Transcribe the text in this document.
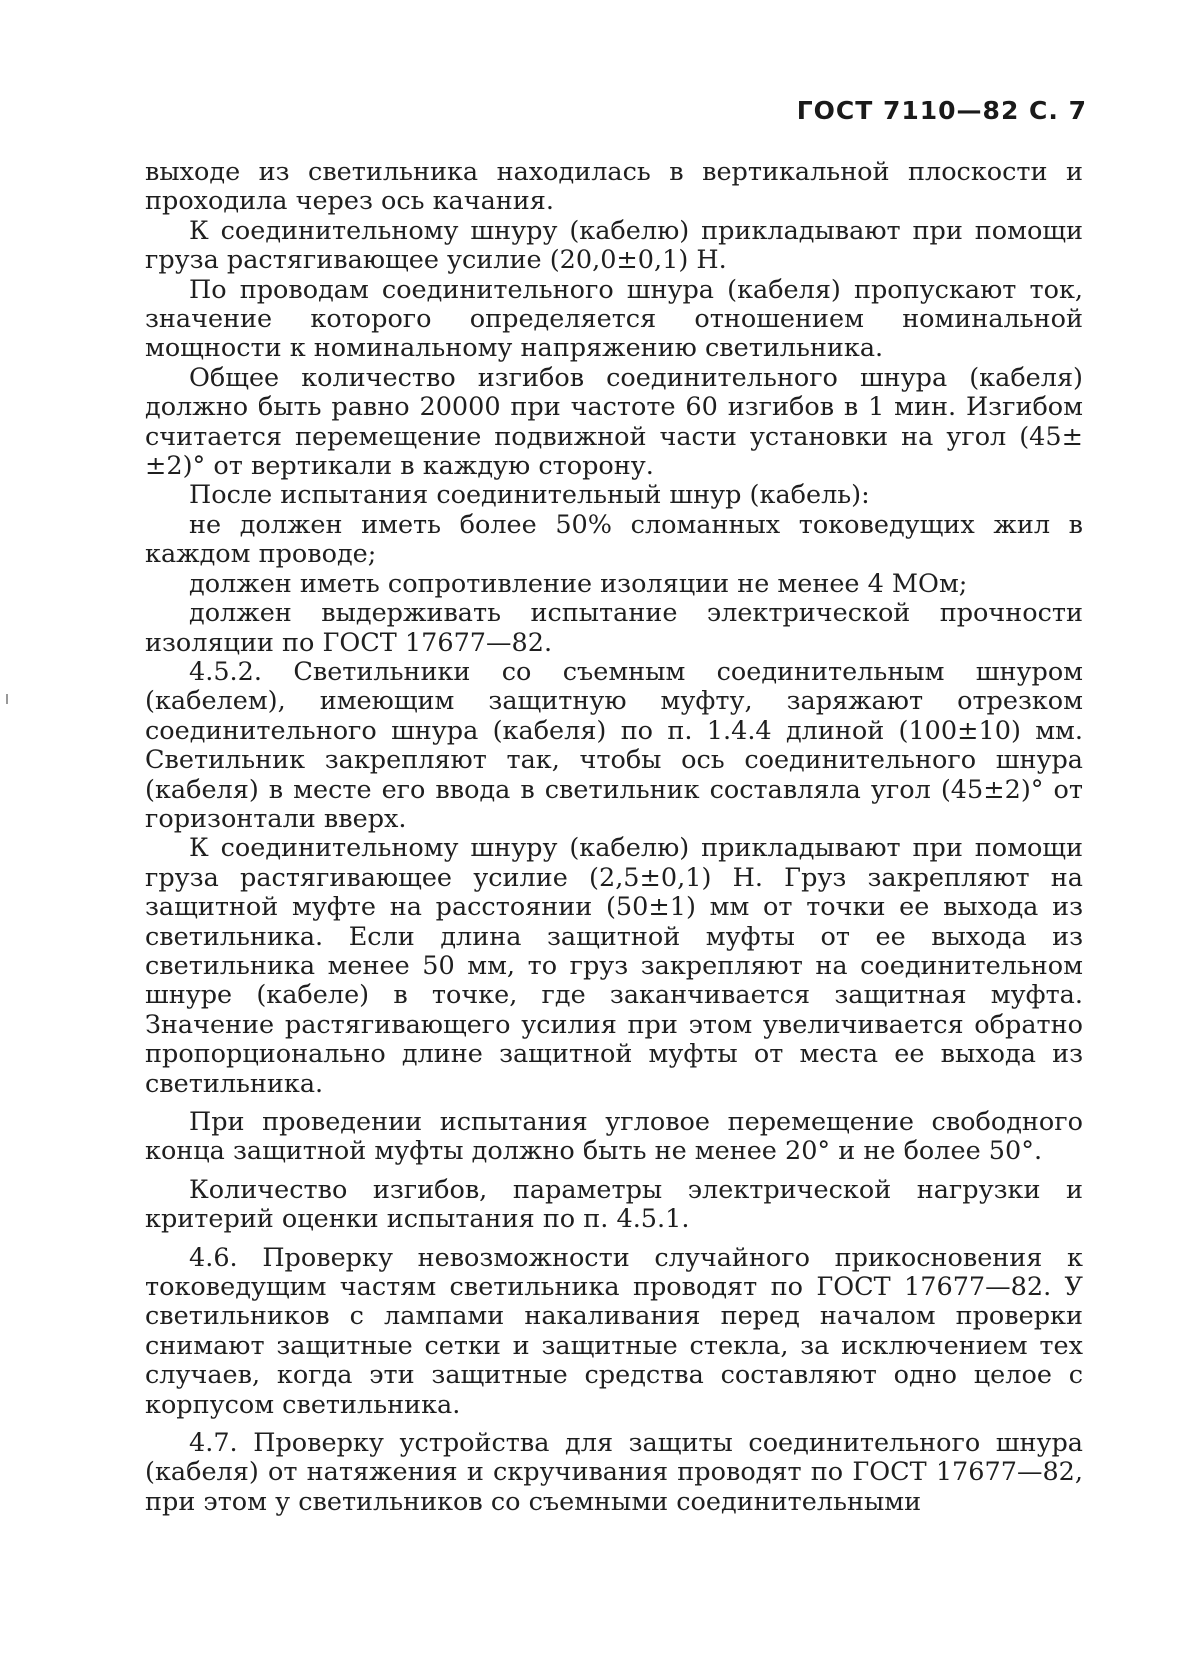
ГОСТ 7110—82 С. 7

выходе из светильника находилась в вертикальной плоскости и проходила через ось качания.

К соединительному шнуру (кабелю) прикладывают при помощи груза растягивающее усилие (20,0±0,1) Н.

По проводам соединительного шнура (кабеля) пропускают ток, значение которого определяется отношением номинальной мощности к номинальному напряжению светильника.

Общее количество изгибов соединительного шнура (кабеля) должно быть равно 20000 при частоте 60 изгибов в 1 мин. Изгибом считается перемещение подвижной части установки на угол (45±±2)° от вертикали в каждую сторону.

После испытания соединительный шнур (кабель):

не должен иметь более 50% сломанных токоведущих жил в каждом проводе;

должен иметь сопротивление изоляции не менее 4 МОм;

должен выдерживать испытание электрической прочности изоляции по ГОСТ 17677—82.

4.5.2. Светильники со съемным соединительным шнуром (кабелем), имеющим защитную муфту, заряжают отрезком соединительного шнура (кабеля) по п. 1.4.4 длиной (100±10) мм. Светильник закрепляют так, чтобы ось соединительного шнура (кабеля) в месте его ввода в светильник составляла угол (45±2)° от горизонтали вверх.

К соединительному шнуру (кабелю) прикладывают при помощи груза растягивающее усилие (2,5±0,1) Н. Груз закрепляют на защитной муфте на расстоянии (50±1) мм от точки ее выхода из светильника. Если длина защитной муфты от ее выхода из светильника менее 50 мм, то груз закрепляют на соединительном шнуре (кабеле) в точке, где заканчивается защитная муфта. Значение растягивающего усилия при этом увеличивается обратно пропорционально длине защитной муфты от места ее выхода из светильника.

При проведении испытания угловое перемещение свободного конца защитной муфты должно быть не менее 20° и не более 50°.

Количество изгибов, параметры электрической нагрузки и критерий оценки испытания по п. 4.5.1.

4.6. Проверку невозможности случайного прикосновения к токоведущим частям светильника проводят по ГОСТ 17677—82. У светильников с лампами накаливания перед началом проверки снимают защитные сетки и защитные стекла, за исключением тех случаев, когда эти защитные средства составляют одно целое с корпусом светильника.

4.7. Проверку устройства для защиты соединительного шнура (кабеля) от натяжения и скручивания проводят по ГОСТ 17677—82, при этом у светильников со съемными соединительными
